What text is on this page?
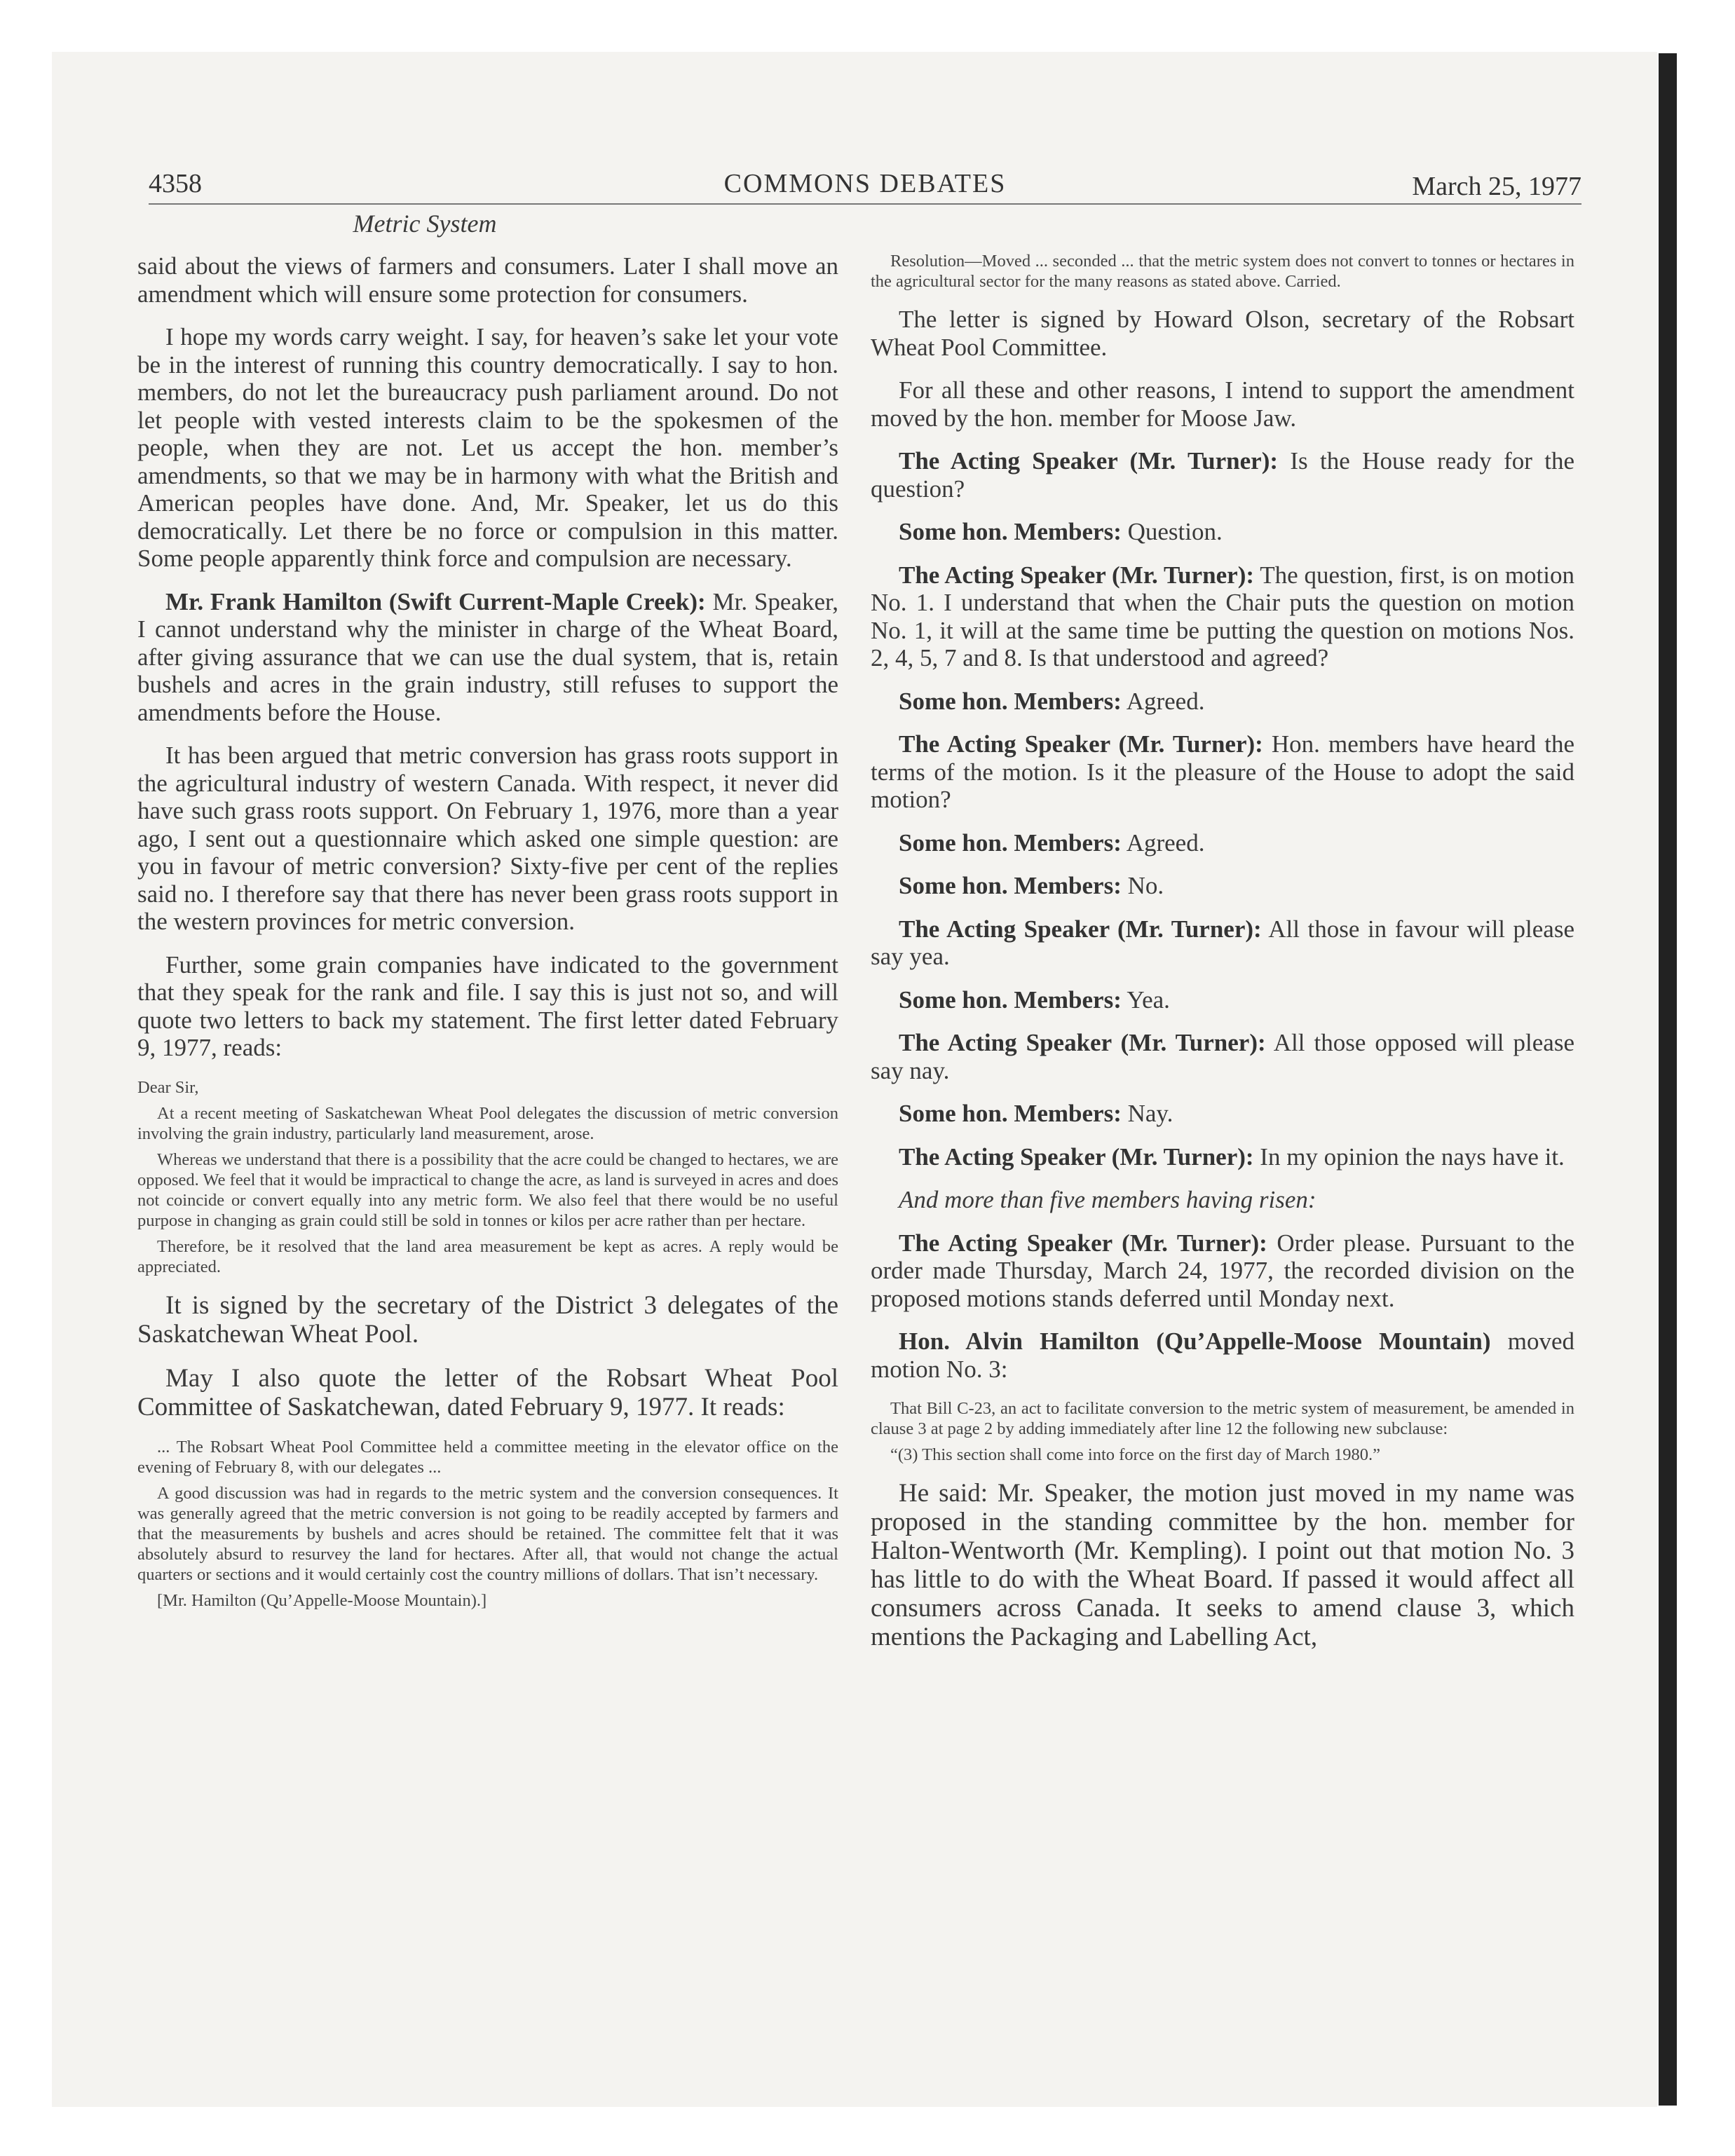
4358	COMMONS DEBATES	March 25, 1977
Metric System

said about the views of farmers and consumers. Later I shall move an amendment which will ensure some protection for consumers.

I hope my words carry weight. I say, for heaven’s sake let your vote be in the interest of running this country democratically. I say to hon. members, do not let the bureaucracy push parliament around. Do not let people with vested interests claim to be the spokesmen of the people, when they are not. Let us accept the hon. member’s amendments, so that we may be in harmony with what the British and American peoples have done. And, Mr. Speaker, let us do this democratically. Let there be no force or compulsion in this matter. Some people apparently think force and compulsion are necessary.

Mr. Frank Hamilton (Swift Current-Maple Creek): Mr. Speaker, I cannot understand why the minister in charge of the Wheat Board, after giving assurance that we can use the dual system, that is, retain bushels and acres in the grain industry, still refuses to support the amendments before the House.

It has been argued that metric conversion has grass roots support in the agricultural industry of western Canada. With respect, it never did have such grass roots support. On February 1, 1976, more than a year ago, I sent out a questionnaire which asked one simple question: are you in favour of metric conversion? Sixty-five per cent of the replies said no. I therefore say that there has never been grass roots support in the western provinces for metric conversion.

Further, some grain companies have indicated to the government that they speak for the rank and file. I say this is just not so, and will quote two letters to back my statement. The first letter dated February 9, 1977, reads:

Dear Sir,

At a recent meeting of Saskatchewan Wheat Pool delegates the discussion of metric conversion involving the grain industry, particularly land measurement, arose.

Whereas we understand that there is a possibility that the acre could be changed to hectares, we are opposed. We feel that it would be impractical to change the acre, as land is surveyed in acres and does not coincide or convert equally into any metric form. We also feel that there would be no useful purpose in changing as grain could still be sold in tonnes or kilos per acre rather than per hectare.

Therefore, be it resolved that the land area measurement be kept as acres. A reply would be appreciated.

It is signed by the secretary of the District 3 delegates of the Saskatchewan Wheat Pool.

May I also quote the letter of the Robsart Wheat Pool Committee of Saskatchewan, dated February 9, 1977. It reads:

... The Robsart Wheat Pool Committee held a committee meeting in the elevator office on the evening of February 8, with our delegates ...

A good discussion was had in regards to the metric system and the conversion consequences. It was generally agreed that the metric conversion is not going to be readily accepted by farmers and that the measurements by bushels and acres should be retained. The committee felt that it was absolutely absurd to resurvey the land for hectares. After all, that would not change the actual quarters or sections and it would certainly cost the country millions of dollars. That isn’t necessary.

[Mr. Hamilton (Qu’Appelle-Moose Mountain).]

Resolution—Moved ... seconded ... that the metric system does not convert to tonnes or hectares in the agricultural sector for the many reasons as stated above. Carried.

The letter is signed by Howard Olson, secretary of the Robsart Wheat Pool Committee.

For all these and other reasons, I intend to support the amendment moved by the hon. member for Moose Jaw.

The Acting Speaker (Mr. Turner): Is the House ready for the question?

Some hon. Members: Question.

The Acting Speaker (Mr. Turner): The question, first, is on motion No. 1. I understand that when the Chair puts the question on motion No. 1, it will at the same time be putting the question on motions Nos. 2, 4, 5, 7 and 8. Is that understood and agreed?

Some hon. Members: Agreed.

The Acting Speaker (Mr. Turner): Hon. members have heard the terms of the motion. Is it the pleasure of the House to adopt the said motion?

Some hon. Members: Agreed.

Some hon. Members: No.

The Acting Speaker (Mr. Turner): All those in favour will please say yea.

Some hon. Members: Yea.

The Acting Speaker (Mr. Turner): All those opposed will please say nay.

Some hon. Members: Nay.

The Acting Speaker (Mr. Turner): In my opinion the nays have it.

And more than five members having risen:

The Acting Speaker (Mr. Turner): Order please. Pursuant to the order made Thursday, March 24, 1977, the recorded division on the proposed motions stands deferred until Monday next.

Hon. Alvin Hamilton (Qu’Appelle-Moose Mountain) moved motion No. 3:

That Bill C-23, an act to facilitate conversion to the metric system of measurement, be amended in clause 3 at page 2 by adding immediately after line 12 the following new subclause:

“(3) This section shall come into force on the first day of March 1980.”

He said: Mr. Speaker, the motion just moved in my name was proposed in the standing committee by the hon. member for Halton-Wentworth (Mr. Kempling). I point out that motion No. 3 has little to do with the Wheat Board. If passed it would affect all consumers across Canada. It seeks to amend clause 3, which mentions the Packaging and Labelling Act,
